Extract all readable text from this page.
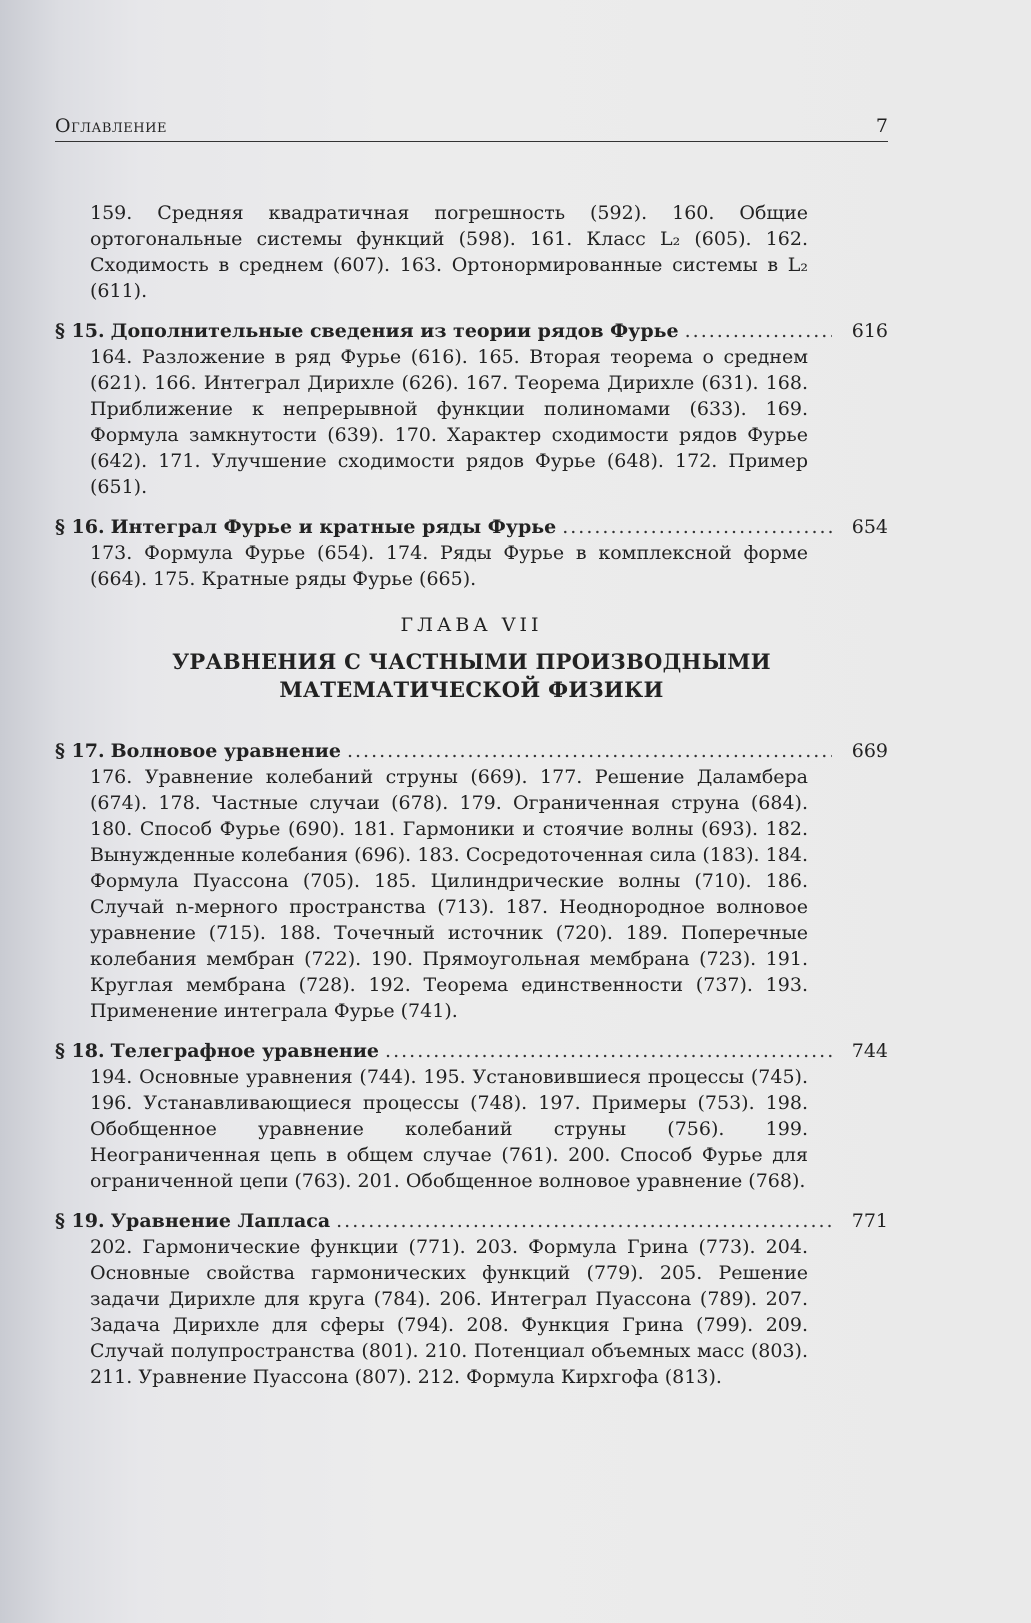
Оглавление	7
159. Средняя квадратичная погрешность (592). 160. Общие ортогональные системы функций (598). 161. Класс L₂ (605). 162. Сходимость в среднем (607). 163. Ортонормированные системы в L₂ (611).
§ 15. Дополнительные сведения из теории рядов Фурье .....	616
164. Разложение в ряд Фурье (616). 165. Вторая теорема о среднем (621). 166. Интеграл Дирихле (626). 167. Теорема Дирихле (631). 168. Приближение к непрерывной функции полиномами (633). 169. Формула замкнутости (639). 170. Характер сходимости рядов Фурье (642). 171. Улучшение сходимости рядов Фурье (648). 172. Пример (651).
§ 16. Интеграл Фурье и кратные ряды Фурье .....	654
173. Формула Фурье (654). 174. Ряды Фурье в комплексной форме (664). 175. Кратные ряды Фурье (665).
ГЛАВА VII
УРАВНЕНИЯ С ЧАСТНЫМИ ПРОИЗВОДНЫМИ
МАТЕМАТИЧЕСКОЙ ФИЗИКИ
§ 17. Волновое уравнение .....	669
176. Уравнение колебаний струны (669). 177. Решение Даламбера (674). 178. Частные случаи (678). 179. Ограниченная струна (684). 180. Способ Фурье (690). 181. Гармоники и стоячие волны (693). 182. Вынужденные колебания (696). 183. Сосредоточенная сила (183). 184. Формула Пуассона (705). 185. Цилиндрические волны (710). 186. Случай n-мерного пространства (713). 187. Неоднородное волновое уравнение (715). 188. Точечный источник (720). 189. Поперечные колебания мембран (722). 190. Прямоугольная мембрана (723). 191. Круглая мембрана (728). 192. Теорема единственности (737). 193. Применение интеграла Фурье (741).
§ 18. Телеграфное уравнение .....	744
194. Основные уравнения (744). 195. Установившиеся процессы (745). 196. Устанавливающиеся процессы (748). 197. Примеры (753). 198. Обобщенное уравнение колебаний струны (756). 199. Неограниченная цепь в общем случае (761). 200. Способ Фурье для ограниченной цепи (763). 201. Обобщенное волновое уравнение (768).
§ 19. Уравнение Лапласа .....	771
202. Гармонические функции (771). 203. Формула Грина (773). 204. Основные свойства гармонических функций (779). 205. Решение задачи Дирихле для круга (784). 206. Интеграл Пуассона (789). 207. Задача Дирихле для сферы (794). 208. Функция Грина (799). 209. Случай полупространства (801). 210. Потенциал объемных масс (803). 211. Уравнение Пуассона (807). 212. Формула Кирхгофа (813).
